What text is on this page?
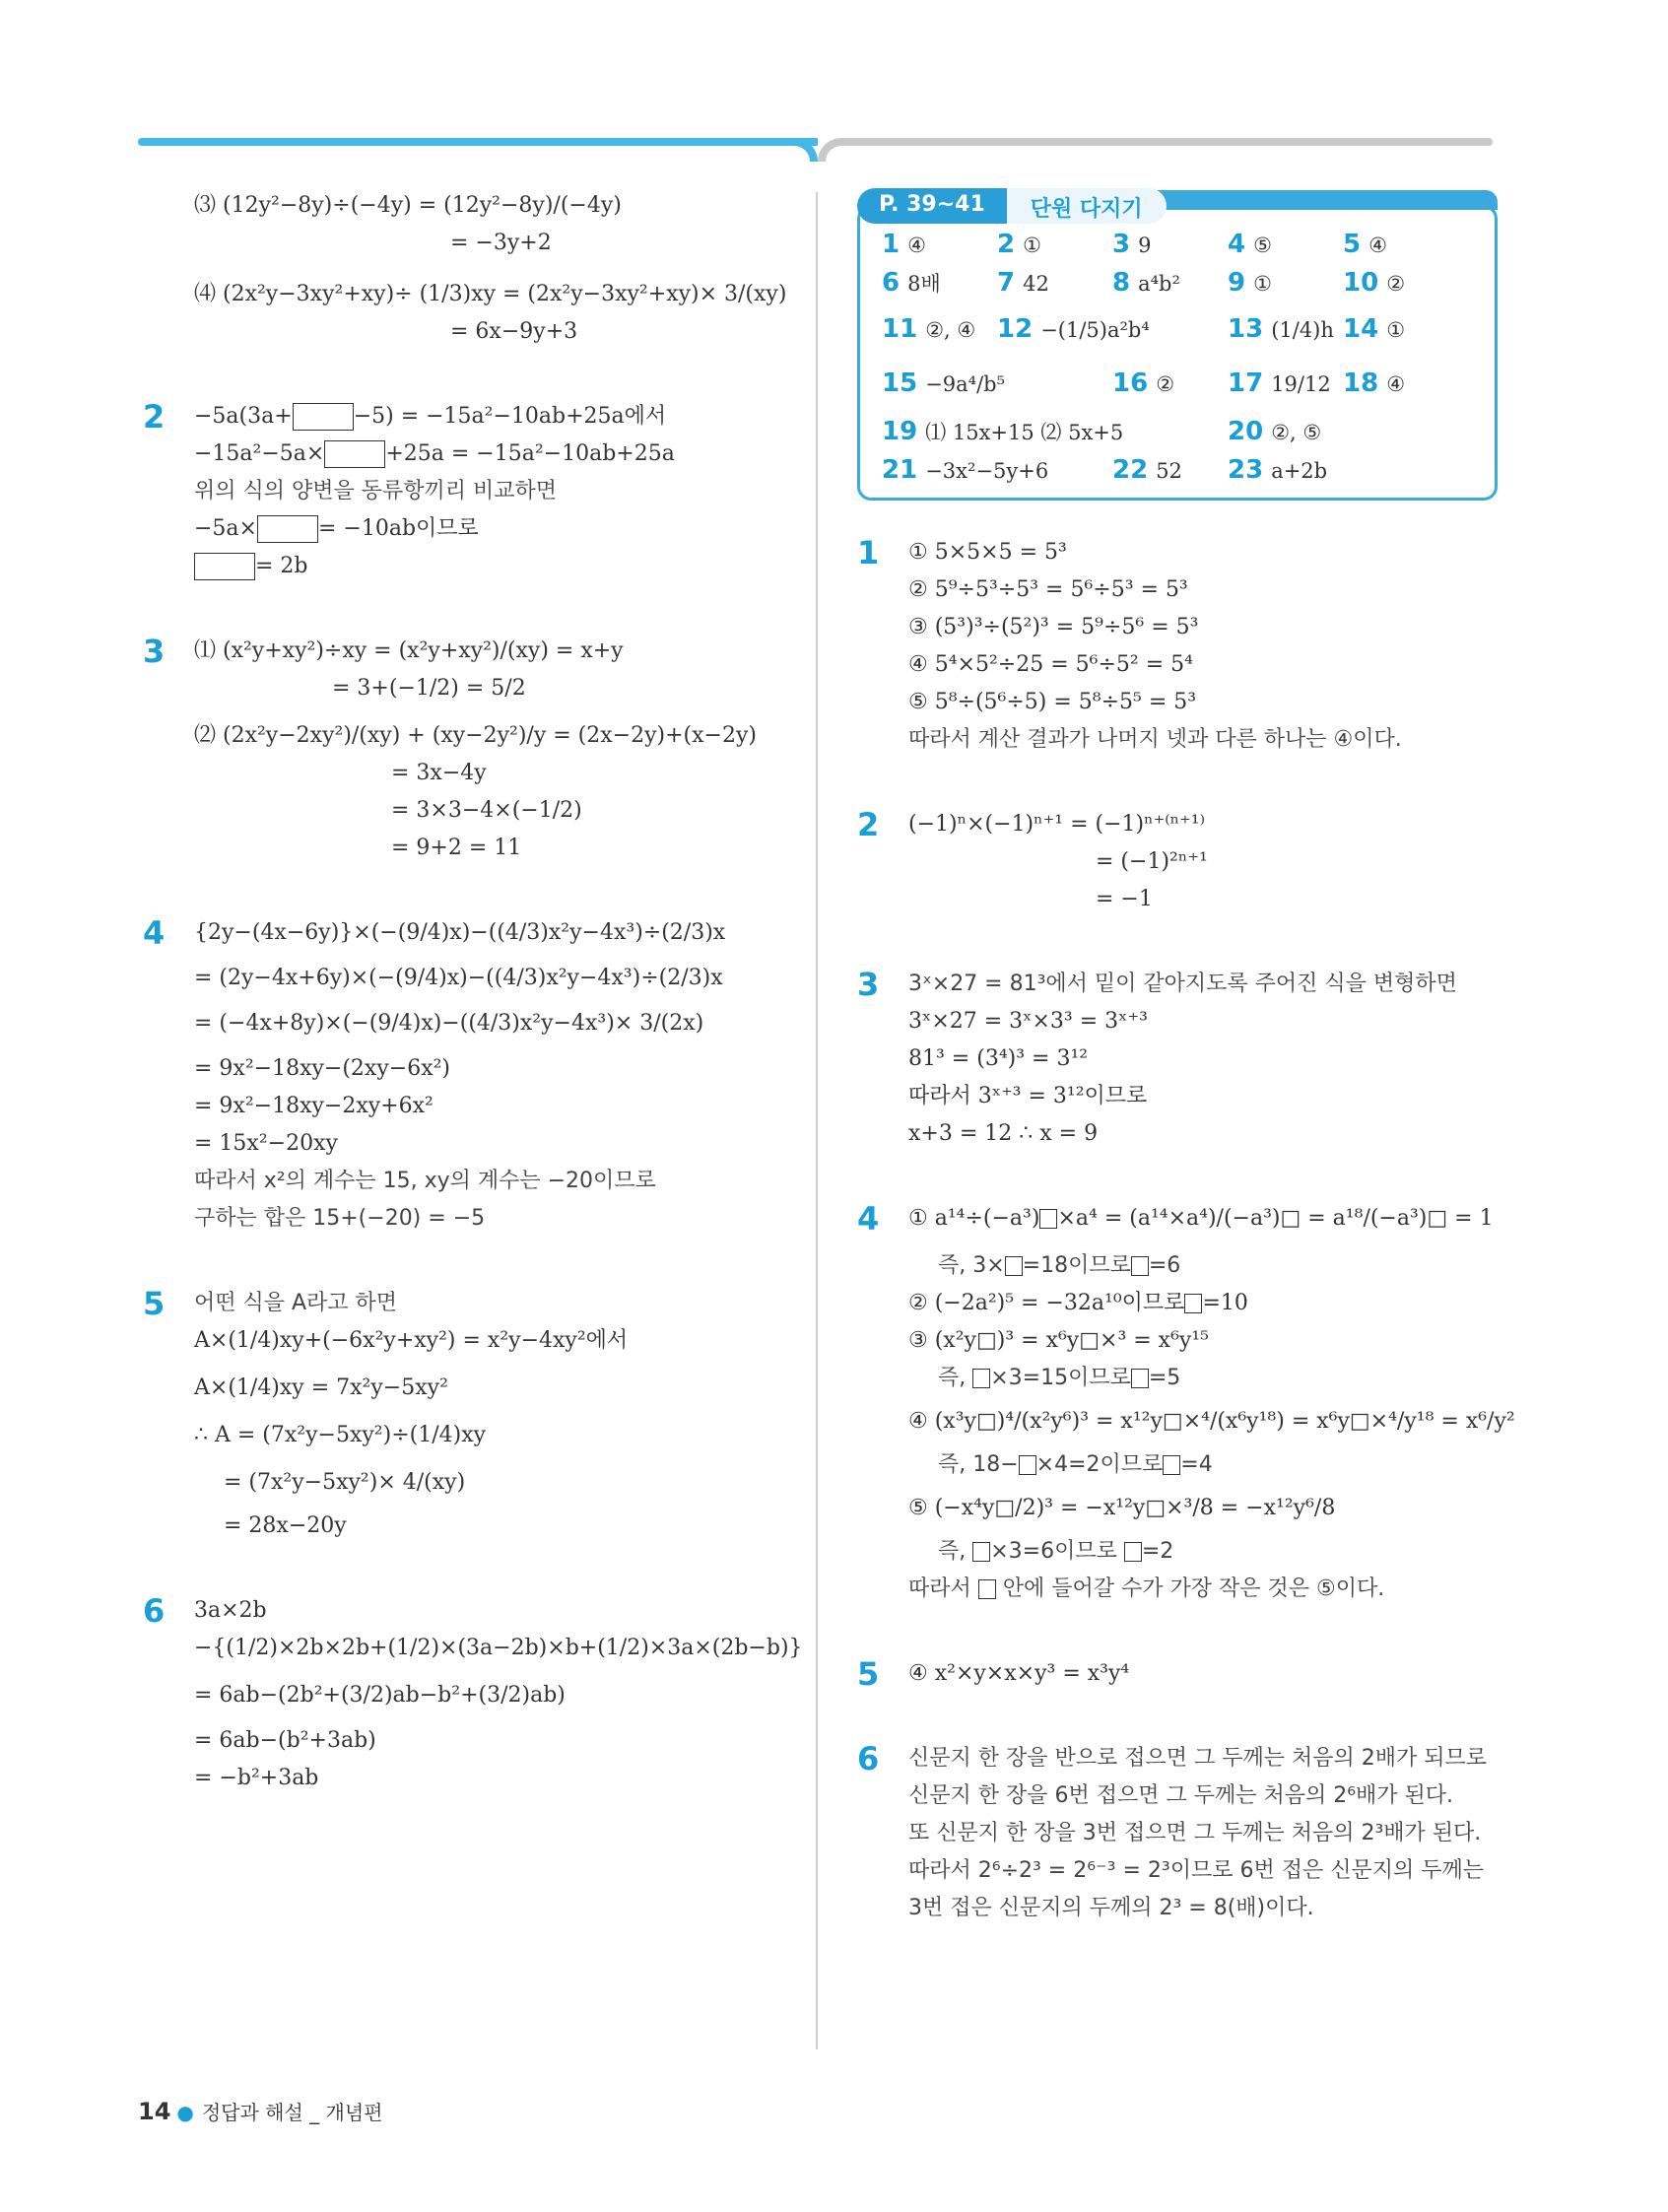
⑶ (12y²−8y)÷(−4y) = (12y²−8y)/(−4y)
= −3y+2
⑷ (2x²y−3xy²+xy)÷ (1/3)xy = (2x²y−3xy²+xy)× 3/(xy)
= 6x−9y+3
2 −5a(3a+	−5) = −15a²−10ab+25a에서
−15a²−5a×	+25a = −15a²−10ab+25a
위의 식의 양변을 동류항끼리 비교하면
−5a×	= −10ab이므로
= 2b
3 ⑴ (x²y+xy²)÷xy = (x²y+xy²)/(xy) = x+y
= 3+(−1/2) = 5/2
⑵ (2x²y−2xy²)/(xy) + (xy−2y²)/y = (2x−2y)+(x−2y)
= 3x−4y
= 3×3−4×(−1/2)
= 9+2 = 11
4 {2y−(4x−6y)}×(−(9/4)x)−((4/3)x²y−4x³)÷(2/3)x
= (2y−4x+6y)×(−(9/4)x)−((4/3)x²y−4x³)÷(2/3)x
= (−4x+8y)×(−(9/4)x)−((4/3)x²y−4x³)× 3/(2x)
= 9x²−18xy−(2xy−6x²)
= 9x²−18xy−2xy+6x²
= 15x²−20xy
따라서 x²의 계수는 15, xy의 계수는 −20이므로
구하는 합은 15+(−20) = −5
5 어떤 식을 A라고 하면
A×(1/4)xy+(−6x²y+xy²) = x²y−4xy²에서
A×(1/4)xy = 7x²y−5xy²
∴ A = (7x²y−5xy²)÷(1/4)xy
= (7x²y−5xy²)× 4/(xy)
= 28x−20y
6 3a×2b
−{(1/2)×2b×2b+(1/2)×(3a−2b)×b+(1/2)×3a×(2b−b)}
= 6ab−(2b²+(3/2)ab−b²+(3/2)ab)
= 6ab−(b²+3ab)
= −b²+3ab
P. 39∼41	단원 다지기
1 ④	2 ①	3 9	4 ⑤	5 ④
6 8배	7 42	8 a⁴b²	9 ①	10 ②
11 ②, ④ 12 −(1/5)a²b⁴	13 (1/4)h 14 ①
15 −9a⁴/b⁵	16 ②	17 19/12 18 ④
19 ⑴ 15x+15 ⑵ 5x+5	20 ②, ⑤
21 −3x²−5y+6	22 52	23 a+2b
1 ① 5×5×5 = 5³
② 5⁹÷5³÷5³ = 5⁶÷5³ = 5³
③ (5³)³÷(5²)³ = 5⁹÷5⁶ = 5³
④ 5⁴×5²÷25 = 5⁶÷5² = 5⁴
⑤ 5⁸÷(5⁶÷5) = 5⁸÷5⁵ = 5³
따라서 계산 결과가 나머지 넷과 다른 하나는 ④이다.
2 (−1)ⁿ×(−1)ⁿ⁺¹ = (−1)ⁿ⁺⁽ⁿ⁺¹⁾
= (−1)²ⁿ⁺¹
= −1
3 3ˣ×27 = 81³에서 밑이 같아지도록 주어진 식을 변형하면
3ˣ×27 = 3ˣ×3³ = 3ˣ⁺³
81³ = (3⁴)³ = 3¹²
따라서 3ˣ⁺³ = 3¹²이므로
x+3 = 12 ∴ x = 9
4 ① a¹⁴÷(−a³) ×a⁴ = (a¹⁴×a⁴)/(−a³)□ = a¹⁸/(−a³)□ = 1
즉, 3× =18이므로 =6
② (−2a²)⁵ = −32a¹⁰이므로 =10
③ (x²y□)³ = x⁶y□×³ = x⁶y¹⁵
즉, ×3=15이므로 =5
④ (x³y□)⁴/(x²y⁶)³ = x¹²y□×⁴/(x⁶y¹⁸) = x⁶y□×⁴/y¹⁸ = x⁶/y²
즉, 18− ×4=2이므로 =4
⑤ (−x⁴y□/2)³ = −x¹²y□×³/8 = −x¹²y⁶/8
즉, ×3=6이므로 =2
따라서 안에 들어갈 수가 가장 작은 것은 ⑤이다.
5 ④ x²×y×x×y³ = x³y⁴
6 신문지 한 장을 반으로 접으면 그 두께는 처음의 2배가 되므로 신문지 한 장을 6번 접으면 그 두께는 처음의 2⁶배가 된다.
또 신문지 한 장을 3번 접으면 그 두께는 처음의 2³배가 된다.
따라서 2⁶÷2³ = 2⁶⁻³ = 2³이므로 6번 접은 신문지의 두께는 3번 접은 신문지의 두께의 2³ = 8(배)이다.
14 ● 정답과 해설 _ 개념편
